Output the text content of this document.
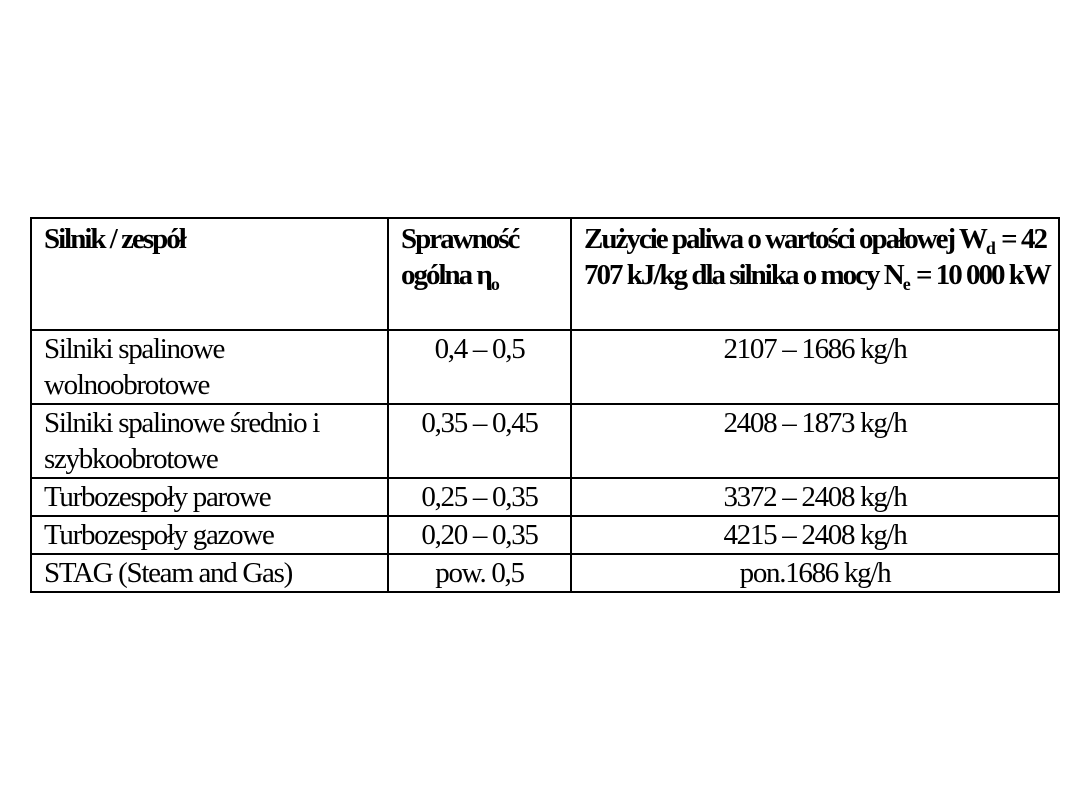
Silnik / zespół	Sprawność ogólna $\eta_o$	Zużycie paliwa o wartości opałowej $W_d = 42$ 707 kJ/kg dla silnika o mocy $N_e = 10$ 000 kW
Silniki spalinowe wolnoobrotowe	0,4 – 0,5	2107 – 1686 kg/h
Silniki spalinowe średnio i szybkoobrotowe	0,35 – 0,45	2408 – 1873 kg/h
Turbozespoły parowe	0,25 – 0,35	3372 – 2408 kg/h
Turbozespoły gazowe	0,20 – 0,35	4215 – 2408 kg/h
STAG (Steam and Gas)	pow. 0,5	pon.1686 kg/h
